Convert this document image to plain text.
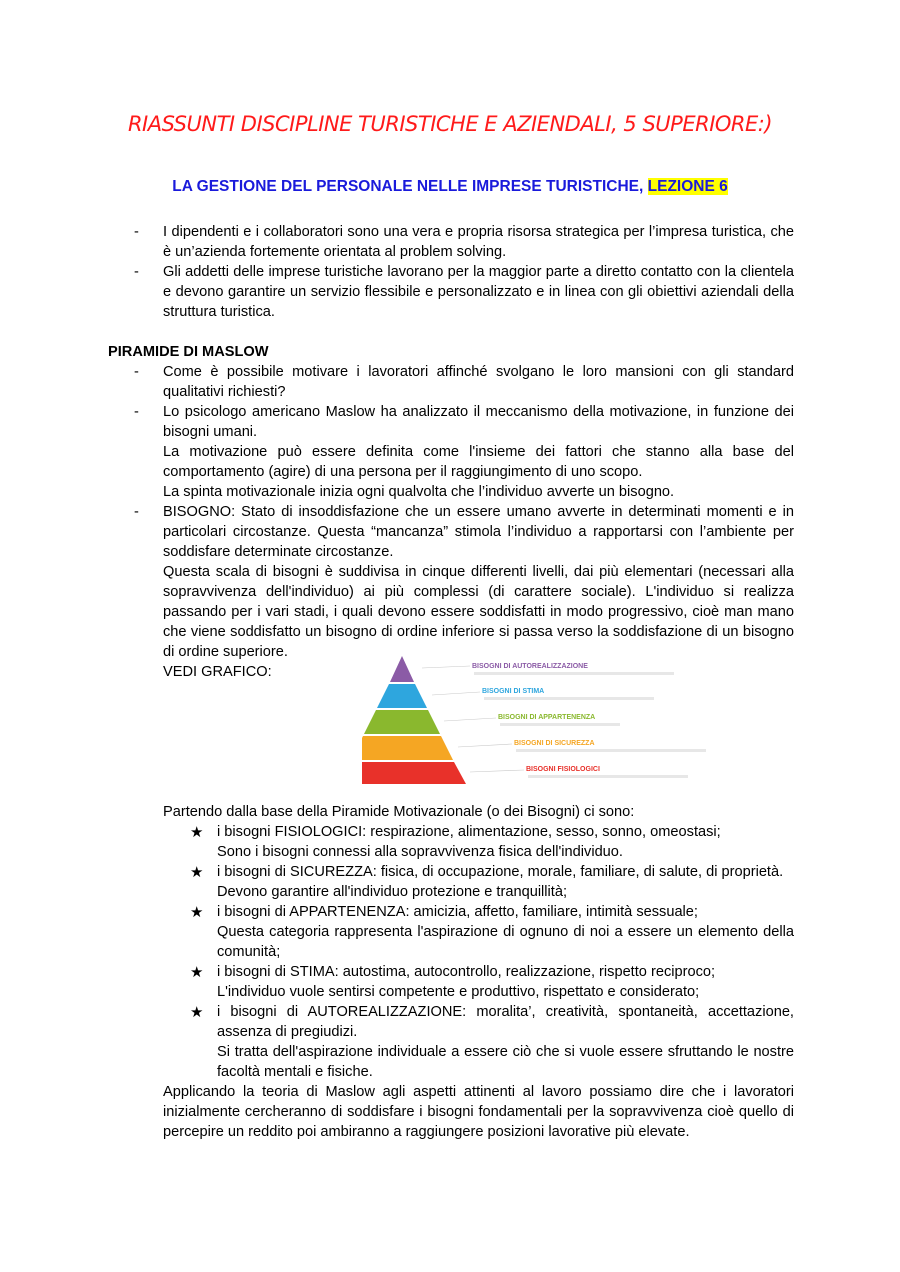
RIASSUNTI DISCIPLINE TURISTICHE E AZIENDALI, 5 SUPERIORE:)
LA GESTIONE DEL PERSONALE NELLE IMPRESE TURISTICHE, LEZIONE 6
- I dipendenti e i collaboratori sono una vera e propria risorsa strategica per l’impresa turistica, che è un’azienda fortemente orientata al problem solving.
- Gli addetti delle imprese turistiche lavorano per la maggior parte a diretto contatto con la clientela e devono garantire un servizio flessibile e personalizzato e in linea con gli obiettivi aziendali della struttura turistica.
PIRAMIDE DI MASLOW
- Come è possibile motivare i lavoratori affinché svolgano le loro mansioni con gli standard qualitativi richiesti?
- Lo psicologo americano Maslow ha analizzato il meccanismo della motivazione, in funzione dei bisogni umani.
La motivazione può essere definita come l'insieme dei fattori che stanno alla base del comportamento (agire) di una persona per il raggiungimento di uno scopo.
La spinta motivazionale inizia ogni qualvolta che l’individuo avverte un bisogno.
- BISOGNO: Stato di insoddisfazione che un essere umano avverte in determinati momenti e in particolari circostanze. Questa “mancanza” stimola l’individuo a rapportarsi con l’ambiente per soddisfare determinate circostanze.
Questa scala di bisogni è suddivisa in cinque differenti livelli, dai più elementari (necessari alla sopravvivenza dell'individuo) ai più complessi (di carattere sociale). L'individuo si realizza passando per i vari stadi, i quali devono essere soddisfatti in modo progressivo, cioè man mano che viene soddisfatto un bisogno di ordine inferiore si passa verso la soddisfazione di un bisogno di ordine superiore.
VEDI GRAFICO:	BISOGNI DI AUTOREALIZZAZIONE
BISOGNI DI STIMA
BISOGNI DI APPARTENENZA
BISOGNI DI SICUREZZA
BISOGNI FISIOLOGICI
Partendo dalla base della Piramide Motivazionale (o dei Bisogni) ci sono:
★ i bisogni FISIOLOGICI: respirazione, alimentazione, sesso, sonno, omeostasi;
Sono i bisogni connessi alla sopravvivenza fisica dell'individuo.
★ i bisogni di SICUREZZA: fisica, di occupazione, morale, familiare, di salute, di proprietà.
Devono garantire all'individuo protezione e tranquillità;
★ i bisogni di APPARTENENZA: amicizia, affetto, familiare, intimità sessuale;
Questa categoria rappresenta l'aspirazione di ognuno di noi a essere un elemento della comunità;
★ i bisogni di STIMA: autostima, autocontrollo, realizzazione, rispetto reciproco;
L'individuo vuole sentirsi competente e produttivo, rispettato e considerato;
★ i bisogni di AUTOREALIZZAZIONE: moralita’, creatività, spontaneità, accettazione, assenza di pregiudizi.
Si tratta dell'aspirazione individuale a essere ciò che si vuole essere sfruttando le nostre facoltà mentali e fisiche.
Applicando la teoria di Maslow agli aspetti attinenti al lavoro possiamo dire che i lavoratori inizialmente cercheranno di soddisfare i bisogni fondamentali per la sopravvivenza cioè quello di percepire un reddito poi ambiranno a raggiungere posizioni lavorative più elevate.
